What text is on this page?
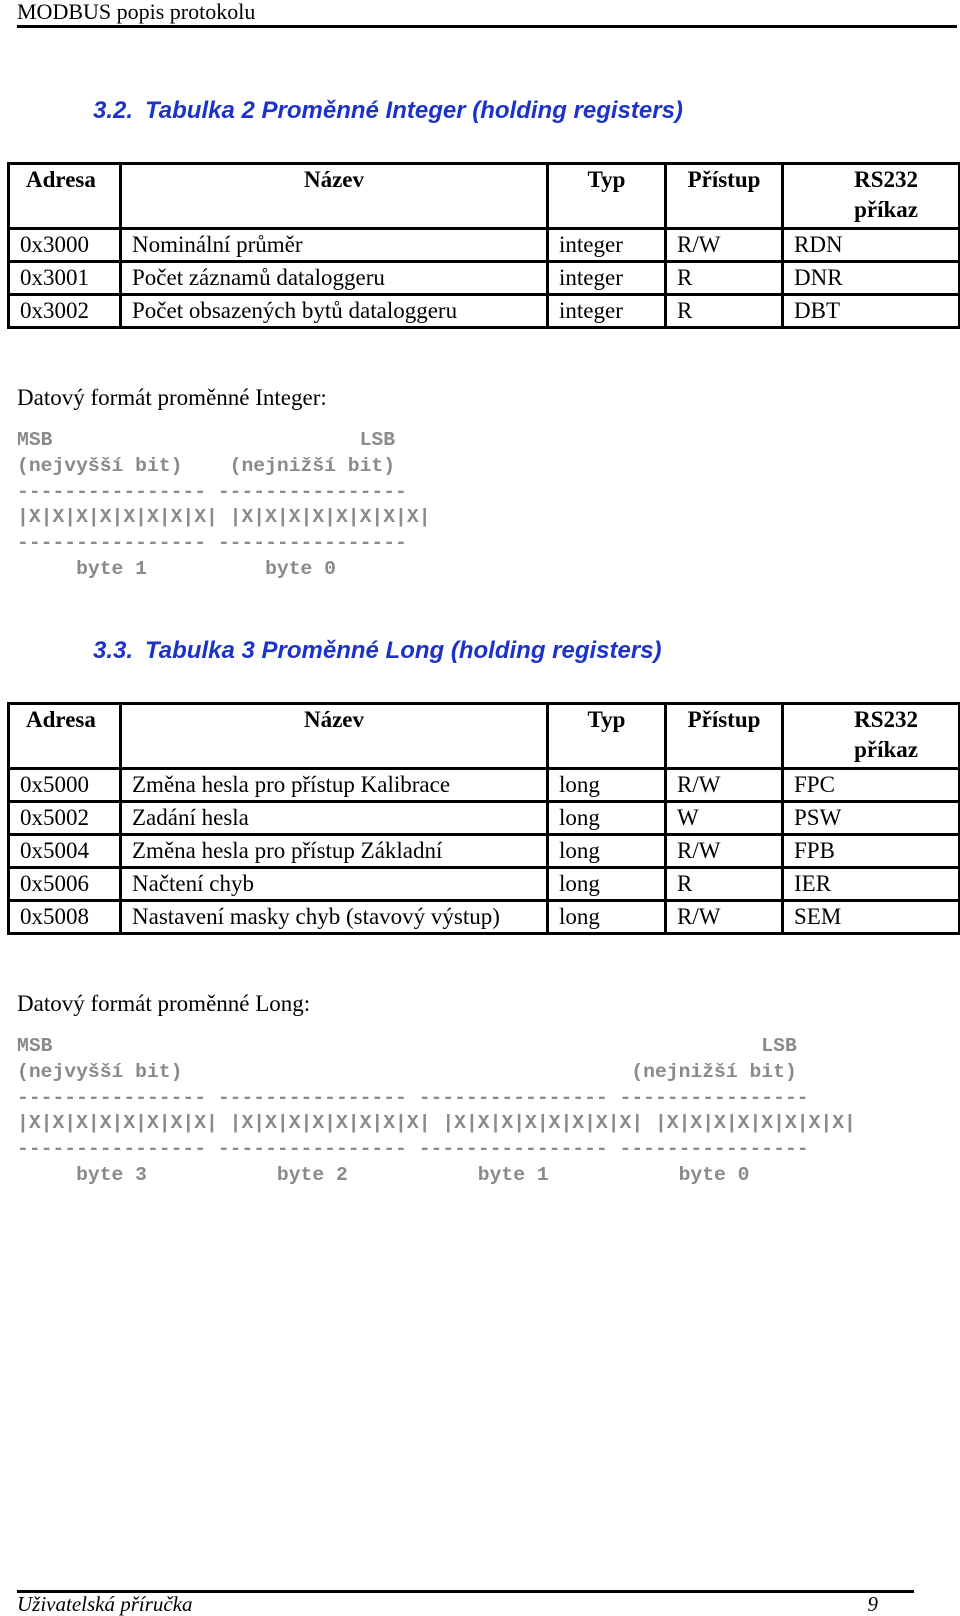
MODBUS popis protokolu
3.2. Tabulka 2 Proměnné Integer (holding registers)
Adresa	Název	Typ	Přístup	RS232
příkaz
0x3000	Nominální průměr	integer	R/W	RDN
0x3001	Počet záznamů dataloggeru	integer	R	DNR
0x3002	Počet obsazených bytů dataloggeru	integer	R	DBT
Datový formát proměnné Integer:
MSB                          LSB
(nejvyšší bit)    (nejnižší bit)
---------------- ----------------
|X|X|X|X|X|X|X|X| |X|X|X|X|X|X|X|X|
---------------- ----------------
byte 1          byte 0
3.3. Tabulka 3 Proměnné Long (holding registers)
Adresa	Název	Typ	Přístup	RS232
příkaz
0x5000	Změna hesla pro přístup Kalibrace	long	R/W	FPC
0x5002	Zadání hesla	long	W	PSW
0x5004	Změna hesla pro přístup Základní	long	R/W	FPB
0x5006	Načtení chyb	long	R	IER
0x5008	Nastavení masky chyb (stavový výstup)	long	R/W	SEM
Datový formát proměnné Long:
MSB                                                            LSB
(nejvyšší bit)                                      (nejnižší bit)
---------------- ---------------- ---------------- ----------------
|X|X|X|X|X|X|X|X| |X|X|X|X|X|X|X|X| |X|X|X|X|X|X|X|X| |X|X|X|X|X|X|X|X|
---------------- ---------------- ---------------- ----------------
byte 3           byte 2           byte 1           byte 0
Uživatelská příručka	9
